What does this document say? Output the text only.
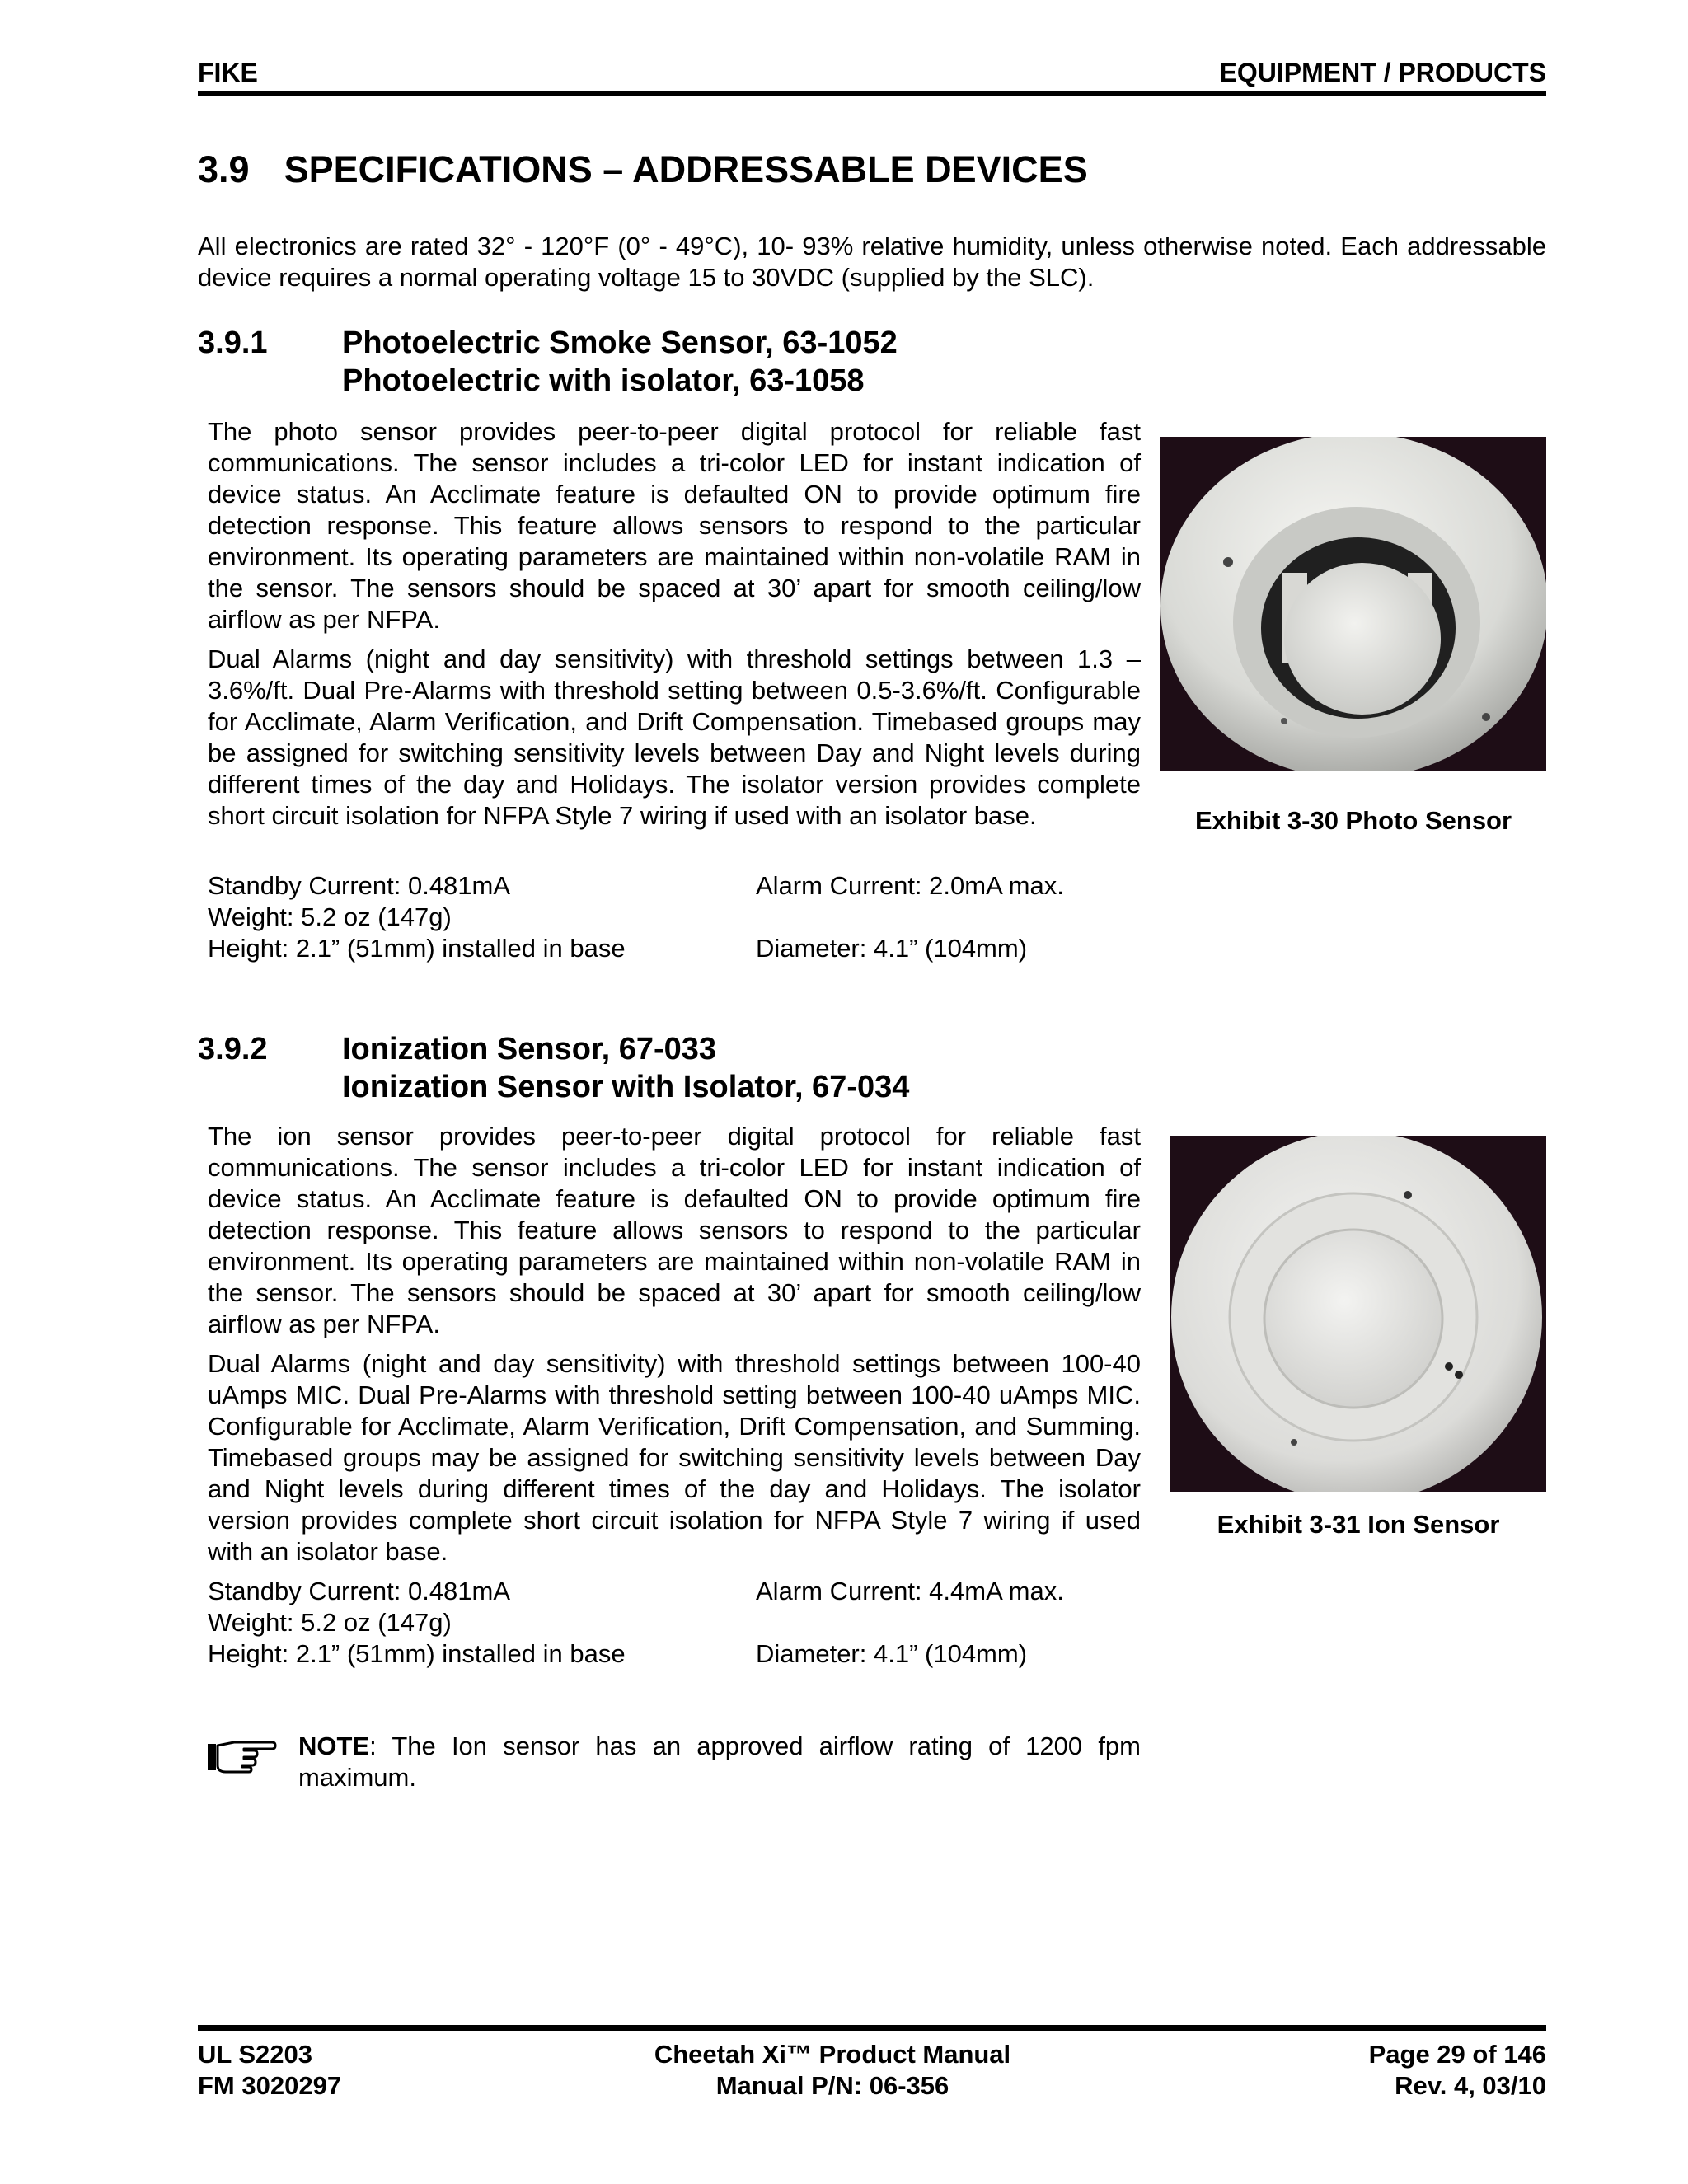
FIKE	EQUIPMENT / PRODUCTS
3.9 SPECIFICATIONS – ADDRESSABLE DEVICES
All electronics are rated 32° - 120°F (0° - 49°C), 10- 93% relative humidity, unless otherwise noted. Each addressable device requires a normal operating voltage 15 to 30VDC (supplied by the SLC).
3.9.1 Photoelectric Smoke Sensor, 63-1052
Photoelectric with isolator, 63-1058

The photo sensor provides peer-to-peer digital protocol for reliable fast communications. The sensor includes a tri-color LED for instant indication of device status. An Acclimate feature is defaulted ON to provide optimum fire detection response. This feature allows sensors to respond to the particular environment. Its operating parameters are maintained within non-volatile RAM in the sensor. The sensors should be spaced at 30’ apart for smooth ceiling/low airflow as per NFPA.

Dual Alarms (night and day sensitivity) with threshold settings between 1.3 – 3.6%/ft. Dual Pre-Alarms with threshold setting between 0.5-3.6%/ft. Configurable for Acclimate, Alarm Verification, and Drift Compensation. Timebased groups may be assigned for switching sensitivity levels between Day and Night levels during different times of the day and Holidays. The isolator version provides complete short circuit isolation for NFPA Style 7 wiring if used with an isolator base.

Standby Current: 0.481mA	Alarm Current: 2.0mA max.
Weight: 5.2 oz (147g)
Height: 2.1” (51mm) installed in base	Diameter: 4.1” (104mm)
Exhibit 3-30 Photo Sensor
3.9.2 Ionization Sensor, 67-033
Ionization Sensor with Isolator, 67-034

The ion sensor provides peer-to-peer digital protocol for reliable fast communications. The sensor includes a tri-color LED for instant indication of device status. An Acclimate feature is defaulted ON to provide optimum fire detection response. This feature allows sensors to respond to the particular environment. Its operating parameters are maintained within non-volatile RAM in the sensor. The sensors should be spaced at 30’ apart for smooth ceiling/low airflow as per NFPA.

Dual Alarms (night and day sensitivity) with threshold settings between 100-40 uAmps MIC. Dual Pre-Alarms with threshold setting between 100-40 uAmps MIC. Configurable for Acclimate, Alarm Verification, Drift Compensation, and Summing. Timebased groups may be assigned for switching sensitivity levels between Day and Night levels during different times of the day and Holidays. The isolator version provides complete short circuit isolation for NFPA Style 7 wiring if used with an isolator base.

Standby Current: 0.481mA	Alarm Current: 4.4mA max.
Weight: 5.2 oz (147g)
Height: 2.1” (51mm) installed in base	Diameter: 4.1” (104mm)
Exhibit 3-31 Ion Sensor
NOTE: The Ion sensor has an approved airflow rating of 1200 fpm maximum.
UL S2203
FM 3020297
Cheetah Xi™ Product Manual
Manual P/N: 06-356
Page 29 of 146
Rev. 4, 03/10
